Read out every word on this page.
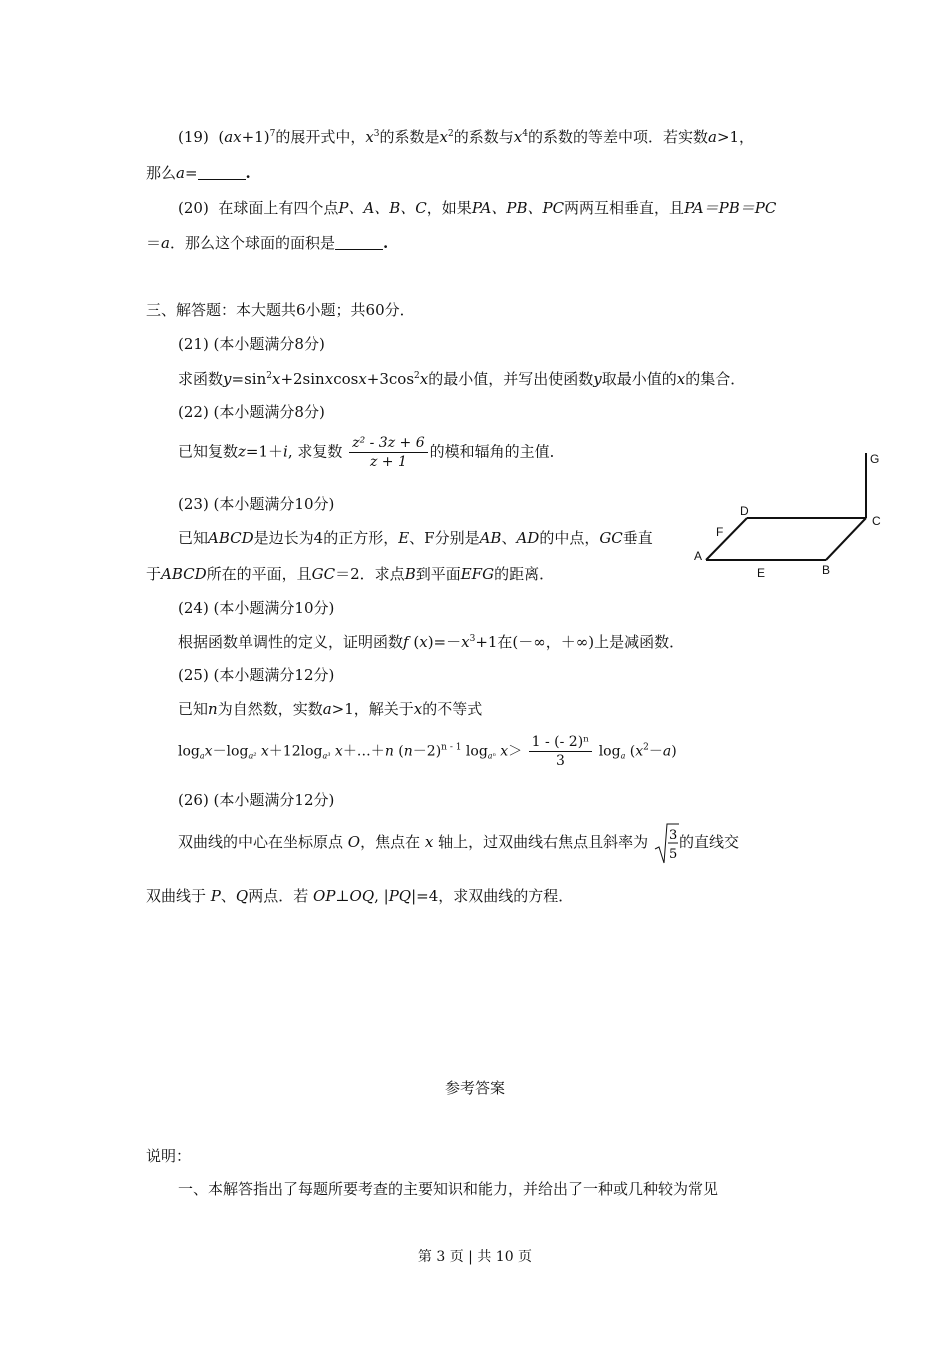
(19) $(ax+1)^7$的展开式中，$x^3$的系数是$x^2$的系数与$x^4$的系数的等差中项．若实数a>1，
那么a=	.
(20) 在球面上有四个点P、A、B、C，如果PA、PB、PC两两互相垂直，且PA＝PB＝PC
＝a．那么这个球面的面积是	.
三、解答题：本大题共6小题；共60分．
(21) (本小题满分8分)
求函数$y=\sin^2x+2sinxcosx+3\cos^2x$的最小值，并写出使函数y取最小值的x的集合．
(22) (本小题满分8分)
已知复数z=1＋i, 求复数 $\frac{\text{z² - 3z + 6}}{z + 1}$ 的模和辐角的主值．
(23) (本小题满分10分)
已知ABCD是边长为4的正方形，E、F分别是AB、AD的中点，GC垂直
于ABCD所在的平面，且GC＝2．求点B到平面EFG的距离．
G
D
C
F
A
E	B
(24) (本小题满分10分)
根据函数单调性的定义，证明函数f $(x)=-x^3+1$在(－∞，＋∞)上是减函数．
(25) (本小题满分12分)
已知n为自然数，实数a>1，解关于x的不等式
$\log_ax-\log_{a^2}$ $x+12\log_{a^3}$ x＋…＋n $(n-2)^{n - 1}$ $\log_{a^n} x> \frac{\text{1 - (- 2)ⁿ}}{3} \log_a (x^2-a)$
(26) (本小题满分12分)
双曲线的中心在坐标原点 O，焦点在 x 轴上，过双曲线右焦点且斜率为 3
5
的直线交
双曲线于 P、Q两点．若 OP⊥OQ, |PQ|=4，求双曲线的方程．
参考答案
说明：
一、本解答指出了每题所要考查的主要知识和能力，并给出了一种或几种较为常见
第 3 页 | 共 10 页
